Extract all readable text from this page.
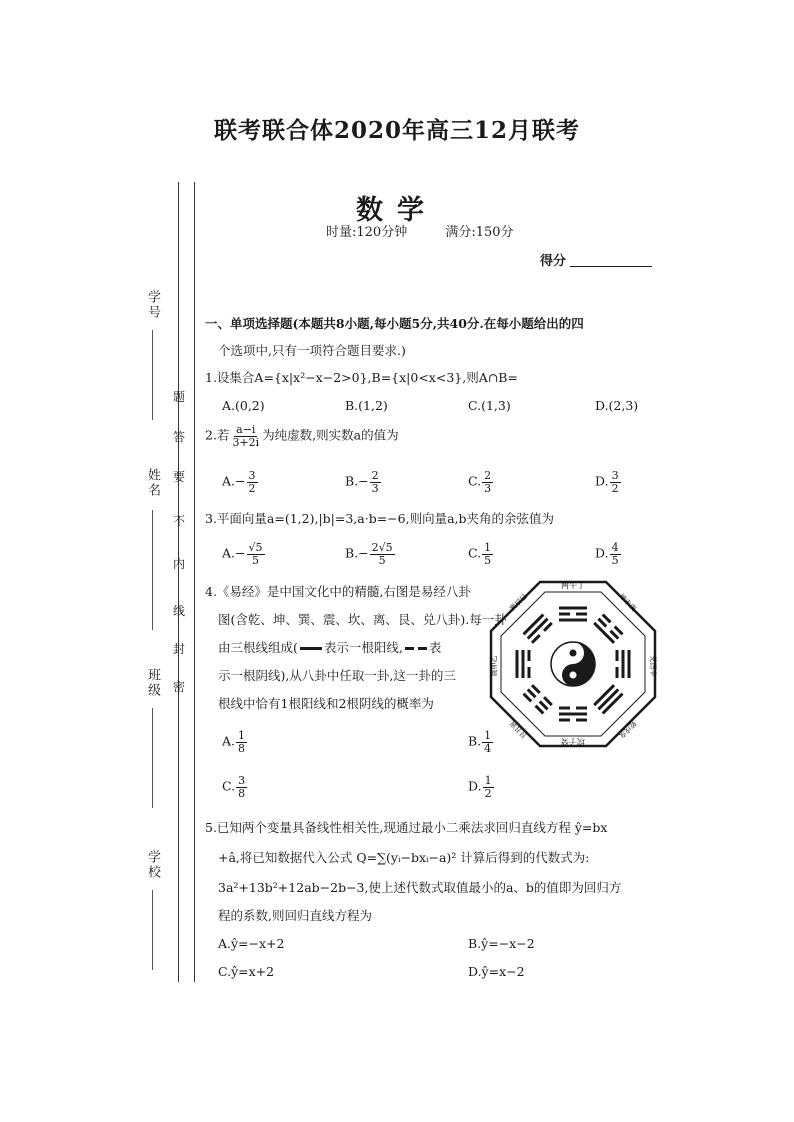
联考联合体2020年高三12月联考
数学
时量:120分钟	满分:150分
得分
学号
姓名
班级
学校
密
封
线
内
不
要
答
题
一、单项选择题(本题共8小题,每小题5分,共40分.在每小题给出的四
个选项中,只有一项符合题目要求.)
1.设集合A={x|x²−x−2>0},B={x|0<x<3},则A∩B=
A.(0,2)	B.(1,2)	C.(1,3)	D.(2,3)
2.若 $\frac{a-i}{3+2i}$ 为纯虚数,则实数a的值为
$A.- \frac{3}{2}$	$B.- \frac{2}{3}$	C. $\frac{2}{3}$	D. $\frac{3}{2}$
3.平面向量a=(1,2),|b|=3,a·b=−6,则向量a,b夹角的余弦值为
$A.- \frac{√5}{5}$	$B.- \frac{2√5}{5}$	C. $\frac{1}{5}$	D. $\frac{4}{5}$
4.《易经》是中国文化中的精髓,右图是易经八卦
图(含乾、坤、巽、震、坎、离、艮、兑八卦).每一卦
由三根线组成( 表示一根阳线, 表
示一根阴线),从八卦中任取一卦,这一卦的三
根线中恰有1根阳线和2根阴线的概率为
两午丁
坤未庚
兑酉辛
乾戌亥
坎子癸
艮丑寅
震卯乙
巽辰巳
A. $\frac{1}{8}$	B. $\frac{1}{4}$
C. $\frac{3}{8}$	D. $\frac{1}{2}$
5.已知两个变量具备线性相关性,现通过最小二乘法求回归直线方程 ŷ=bx
+â,将已知数据代入公式 Q=∑(yᵢ−bxᵢ−a)² 计算后得到的代数式为:
3a²+13b²+12ab−2b−3,使上述代数式取值最小的a、b的值即为回归方
程的系数,则回归直线方程为
A.ŷ=−x+2	B.ŷ=−x−2
C.ŷ=x+2	D.ŷ=x−2
